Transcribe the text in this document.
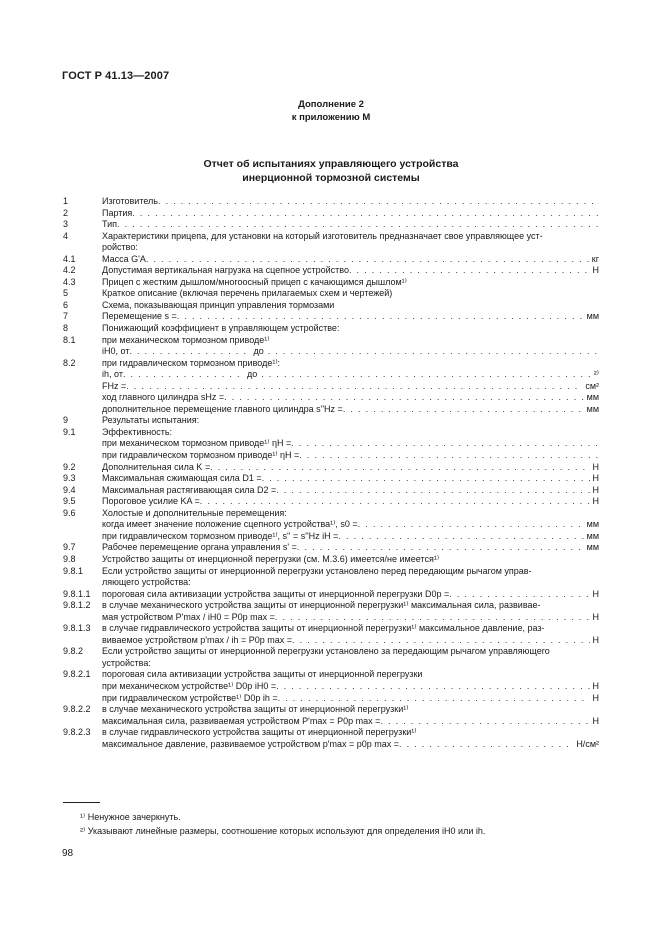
ГОСТ Р 41.13—2007
Дополнение 2
к приложению М
Отчет об испытаниях управляющего устройства
инерционной тормозной системы
1	Изготовитель
. . .
2	Партия
. . .
3	Тип
. . .
4	Характеристики прицепа, для установки на который изготовитель предназначает свое управляющее уст-
ройство:
4.1	Масса G'A . . .	кг
4.2	Допустимая вертикальная нагрузка на сцепное устройство . . .	Н
4.3	Прицеп с жестким дышлом/многоосный прицеп с качающимся дышлом¹⁾
5	Краткое описание (включая перечень прилагаемых схем и чертежей)
6	Схема, показывающая принцип управления тормозами
7	Перемещение s = . . .	мм
8	Понижающий коэффициент в управляющем устройстве:
8.1	при механическом тормозном приводе¹⁾
iH0, от . . .	до
. . .
8.2	при гидравлическом тормозном приводе¹⁾:
ih, от . . .	до . . .	²⁾
FHz = . . .	см²
ход главного цилиндра sHz = . . .	мм
дополнительное перемещение главного цилиндра s''Hz = . . .	мм
9	Результаты испытания:
9.1	Эффективность:
при механическом тормозном приводе¹⁾ ηH =
. . .
при гидравлическом тормозном приводе¹⁾ ηH =
. . .
9.2	Дополнительная сила K = . . .	Н
9.3	Максимальная сжимающая сила D1 = . . .	Н
9.4	Максимальная растягивающая сила D2 = . . .	Н
9.5	Пороговое усилие KA = . . .	Н
9.6	Холостые и дополнительные перемещения:
когда имеет значение положение сцепного устройства¹⁾, s0 = . . .	мм
при гидравлическом тормозном приводе¹⁾, s'' = s''Hz iH = . . .	мм
9.7	Рабочее перемещение органа управления s' = . . .	мм
9.8	Устройство защиты от инерционной перегрузки (см. М.3.6) имеется/не имеется¹⁾
9.8.1	Если устройство защиты от инерционной перегрузки установлено перед передающим рычагом управ-
ляющего устройства:
9.8.1.1	пороговая сила активизации устройства защиты от инерционной перегрузки D0p = . . .	Н
9.8.1.2	в случае механического устройства защиты от инерционной перегрузки¹⁾ максимальная сила, развивае-
мая устройством P'max / iH0 = P0p max = . . .	Н
9.8.1.3	в случае гидравлического устройства защиты от инерционной перегрузки¹⁾ максимальное давление, раз-
виваемое устройством p'max / ih = P0p max = . . .	Н
9.8.2	Если устройство защиты от инерционной перегрузки установлено за передающим рычагом управляющего
устройства:
9.8.2.1	пороговая сила активизации устройства защиты от инерционной перегрузки
при механическом устройстве¹⁾ D0p iH0 = . . .	Н
при гидравлическом устройстве¹⁾ D0p ih = . . .	Н
9.8.2.2	в случае механического устройства защиты от инерционной перегрузки¹⁾
максимальная сила, развиваемая устройством P'max = P0p max = . . .	Н
9.8.2.3	в случае гидравлического устройства защиты от инерционной перегрузки¹⁾
максимальное давление, развиваемое устройством p'max = p0p max = . . .	Н/см²
¹⁾ Ненужное зачеркнуть.
²⁾ Указывают линейные размеры, соотношение которых используют для определения iH0 или ih.
98
